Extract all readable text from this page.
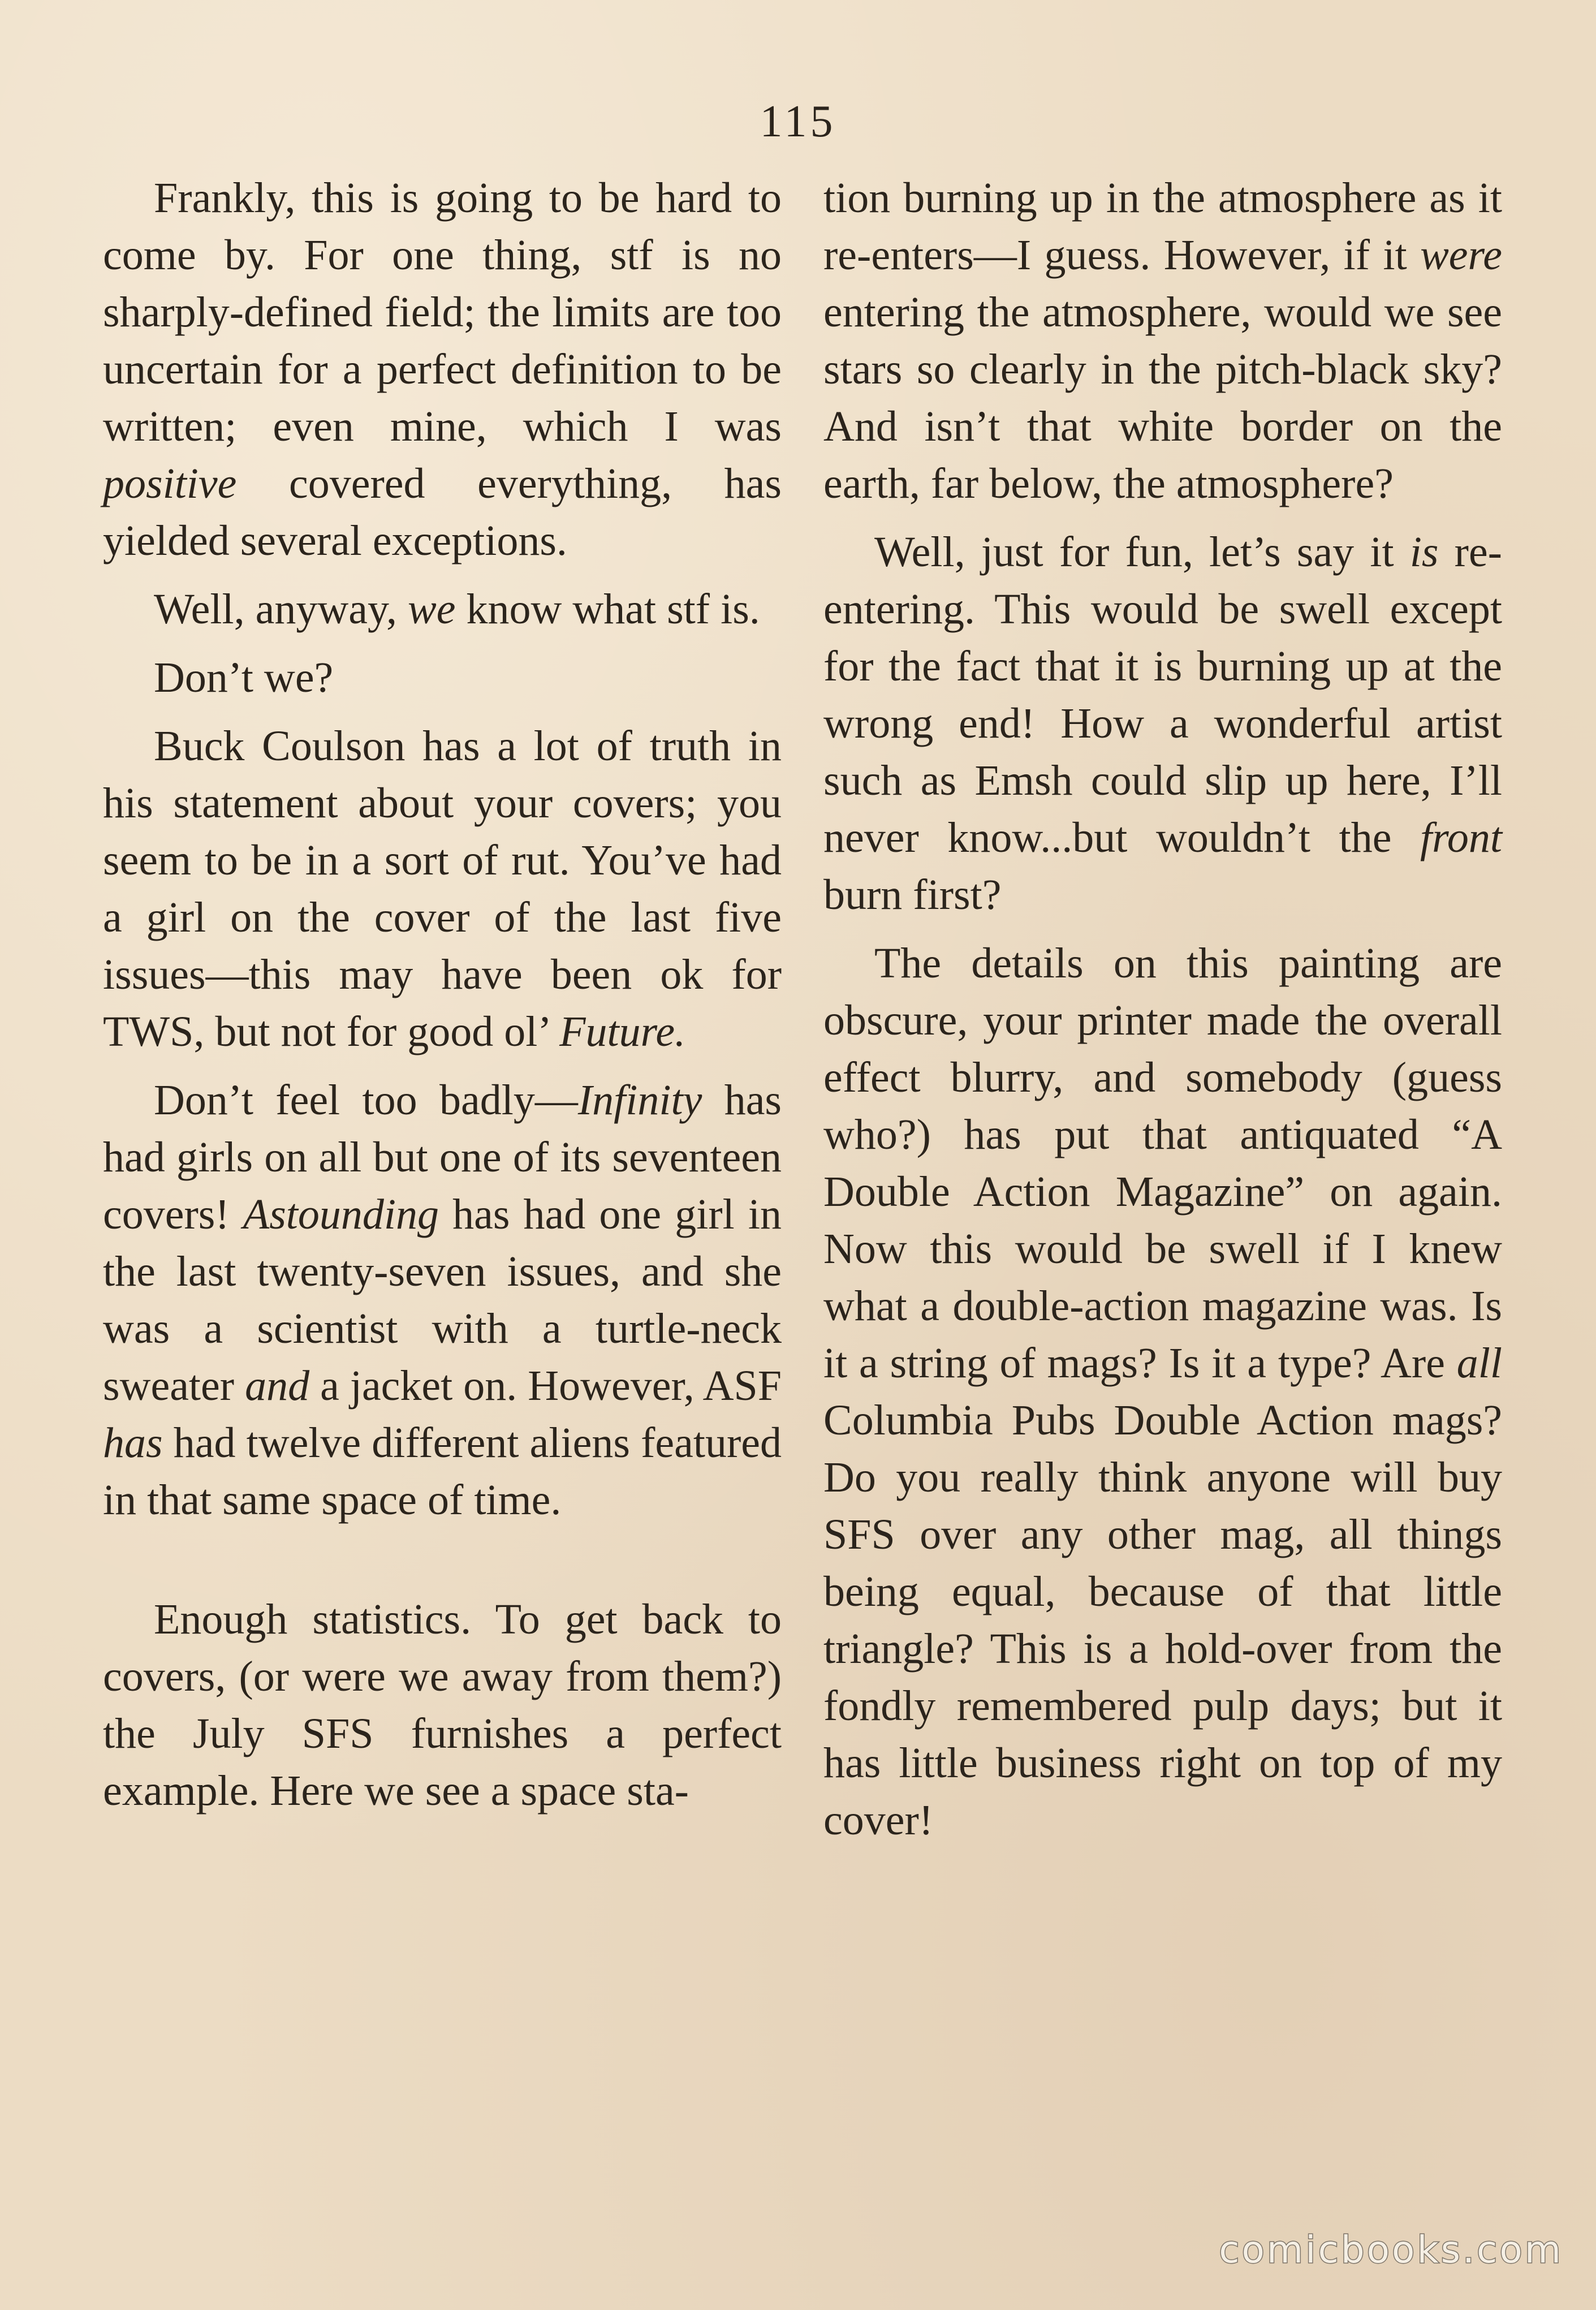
115

Frankly, this is going to be hard to come by. For one thing, stf is no sharply-defined field; the limits are too uncertain for a perfect definition to be written; even mine, which I was positive covered everything, has yielded several exceptions.

Well, anyway, we know what stf is.

Don’t we?

Buck Coulson has a lot of truth in his statement about your covers; you seem to be in a sort of rut. You’ve had a girl on the cover of the last five issues—this may have been ok for TWS, but not for good ol’ Future.

Don’t feel too badly—Infinity has had girls on all but one of its seventeen covers! Astounding has had one girl in the last twenty-seven issues, and she was a scientist with a turtle-neck sweater and a jacket on. However, ASF has had twelve different aliens featured in that same space of time.

Enough statistics. To get back to covers, (or were we away from them?) the July SFS furnishes a perfect example. Here we see a space sta-

tion burning up in the atmosphere as it re-enters—I guess. However, if it were entering the atmosphere, would we see stars so clearly in the pitch-black sky? And isn’t that white border on the earth, far below, the atmosphere?

Well, just for fun, let’s say it is re-entering. This would be swell except for the fact that it is burning up at the wrong end! How a wonderful artist such as Emsh could slip up here, I’ll never know...but wouldn’t the front burn first?

The details on this painting are obscure, your printer made the overall effect blurry, and somebody (guess who?) has put that antiquated “A Double Action Magazine” on again. Now this would be swell if I knew what a double-action magazine was. Is it a string of mags? Is it a type? Are all Columbia Pubs Double Action mags? Do you really think anyone will buy SFS over any other mag, all things being equal, because of that little triangle? This is a hold-over from the fondly remembered pulp days; but it has little business right on top of my cover!

comicbooks.com
